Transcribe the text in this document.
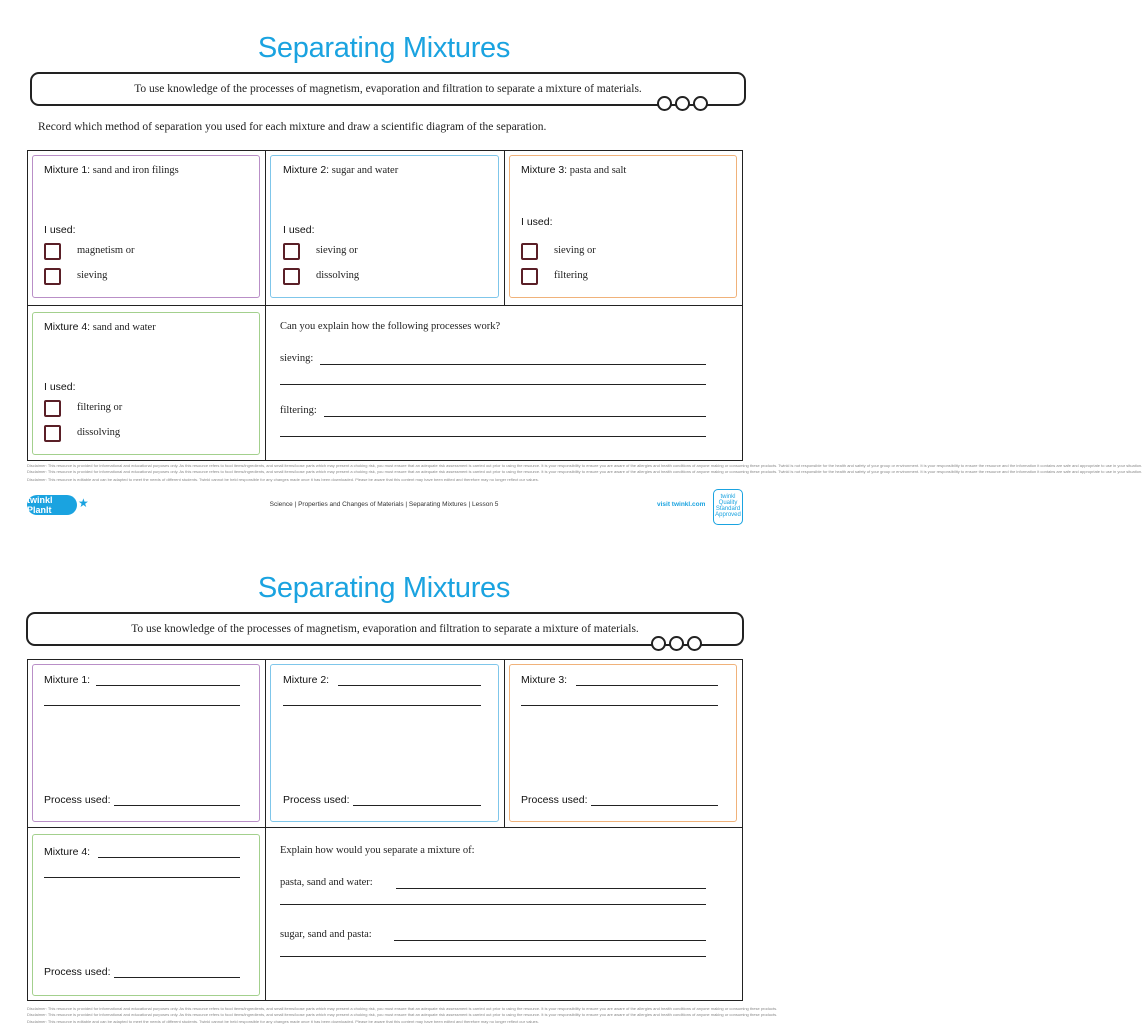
Separating Mixtures
To use knowledge of the processes of magnetism, evaporation and filtration to separate a mixture of materials.
Record which method of separation you used for each mixture and draw a scientific diagram of the separation.
Mixture 1: sand and iron filings
I used:
magnetism or
sieving
Mixture 2: sugar and water
I used:
sieving or
dissolving
Mixture 3: pasta and salt
I used:
sieving or
filtering
Mixture 4: sand and water
I used:
filtering or
dissolving
Can you explain how the following processes work?
sieving:
filtering:
Disclaimer: This resource is provided for informational and educational purposes only. As this resource refers to food items/ingredients, and small items/loose parts which may present a choking risk, you must ensure that an adequate risk assessment is carried out prior to using the resource. It is your responsibility to ensure you are aware of the allergies and health conditions of anyone making or consuming these products. Twinkl is not responsible for the health and safety of your group or environment. It is your responsibility to ensure the resource and the information it contains are safe and appropriate to use in your situation.
Disclaimer: This resource is provided for informational and educational purposes only. As this resource refers to food items/ingredients, and small items/loose parts which may present a choking risk, you must ensure that an adequate risk assessment is carried out prior to using the resource. It is your responsibility to ensure you are aware of the allergies and health conditions of anyone making or consuming these products. Twinkl is not responsible for the health and safety of your group or environment. It is your responsibility to ensure the resource and the information it contains are safe and appropriate to use in your situation.
Disclaimer: This resource is editable and can be adapted to meet the needs of different students. Twinkl cannot be held responsible for any changes made once it has been downloaded. Please be aware that this content may have been edited and therefore may no longer reflect our values.
twinkl PlanIt	★	Science | Properties and Changes of Materials | Separating Mixtures | Lesson 5	visit twinkl.com
twinkl Quality Standard Approved
Separating Mixtures
To use knowledge of the processes of magnetism, evaporation and filtration to separate a mixture of materials.
Mixture 1:
Process used:
Mixture 2:
Process used:
Mixture 3:
Process used:
Mixture 4:
Process used:
Explain how would you separate a mixture of:
pasta, sand and water:
sugar, sand and pasta:
Disclaimer: This resource is provided for informational and educational purposes only. As this resource refers to food items/ingredients, and small items/loose parts which may present a choking risk, you must ensure that an adequate risk assessment is carried out prior to using the resource. It is your responsibility to ensure you are aware of the allergies and health conditions of anyone making or consuming these products.
Disclaimer: This resource is provided for informational and educational purposes only. As this resource refers to food items/ingredients, and small items/loose parts which may present a choking risk, you must ensure that an adequate risk assessment is carried out prior to using the resource. It is your responsibility to ensure you are aware of the allergies and health conditions of anyone making or consuming these products.
Disclaimer: This resource is editable and can be adapted to meet the needs of different students. Twinkl cannot be held responsible for any changes made once it has been downloaded. Please be aware that this content may have been edited and therefore may no longer reflect our values.
